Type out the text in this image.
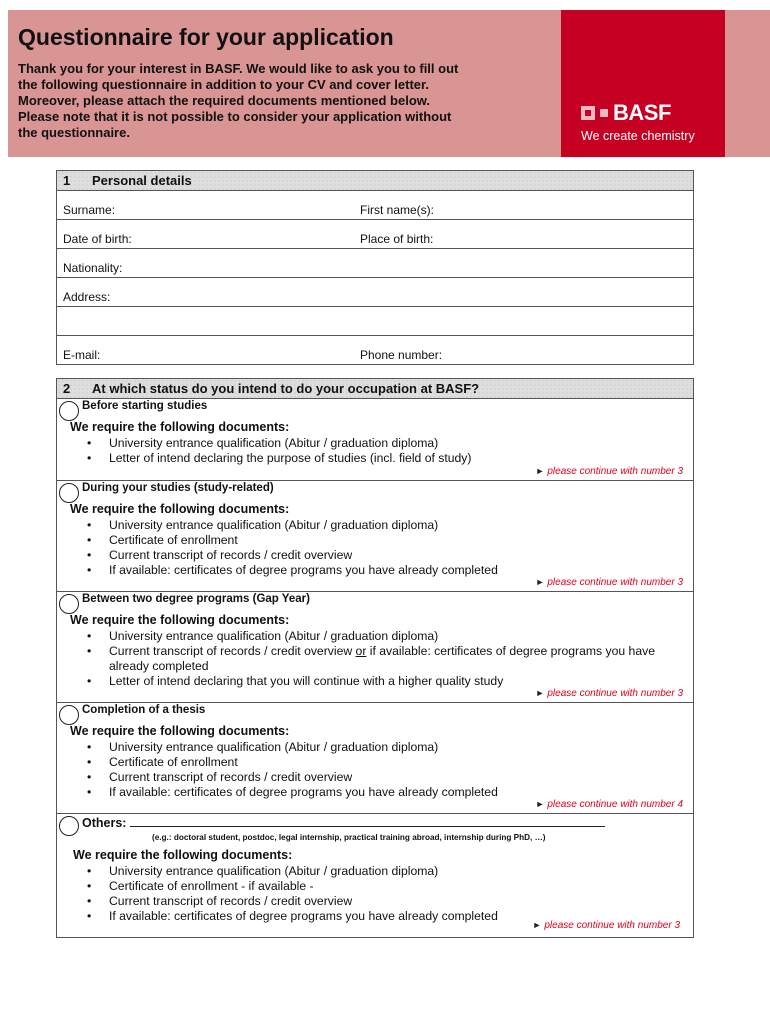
Questionnaire for your application
Thank you for your interest in BASF. We would like to ask you to fill out
the following questionnaire in addition to your CV and cover letter.
Moreover, please attach the required documents mentioned below.
Please note that it is not possible to consider your application without
the questionnaire.
BASF
We create chemistry
1	Personal details
Surname:	First name(s):
Date of birth:	Place of birth:
Nationality:
Address:
E-mail:	Phone number:
2	At which status do you intend to do your occupation at BASF?
Before starting studies
We require the following documents:
• University entrance qualification (Abitur / graduation diploma)
• Letter of intend declaring the purpose of studies (incl. field of study)
► please continue with number 3
During your studies (study-related)
We require the following documents:
• University entrance qualification (Abitur / graduation diploma)
• Certificate of enrollment
• Current transcript of records / credit overview
• If available: certificates of degree programs you have already completed
► please continue with number 3
Between two degree programs (Gap Year)
We require the following documents:
• University entrance qualification (Abitur / graduation diploma)
• Current transcript of records / credit overview or if available: certificates of degree programs you have already completed
• Letter of intend declaring that you will continue with a higher quality study
► please continue with number 3
Completion of a thesis
We require the following documents:
• University entrance qualification (Abitur / graduation diploma)
• Certificate of enrollment
• Current transcript of records / credit overview
• If available: certificates of degree programs you have already completed
► please continue with number 4
Others:
(e.g.: doctoral student, postdoc, legal internship, practical training abroad, internship during PhD, …)
We require the following documents:
• University entrance qualification (Abitur / graduation diploma)
• Certificate of enrollment - if available -
• Current transcript of records / credit overview
• If available: certificates of degree programs you have already completed
► please continue with number 3
